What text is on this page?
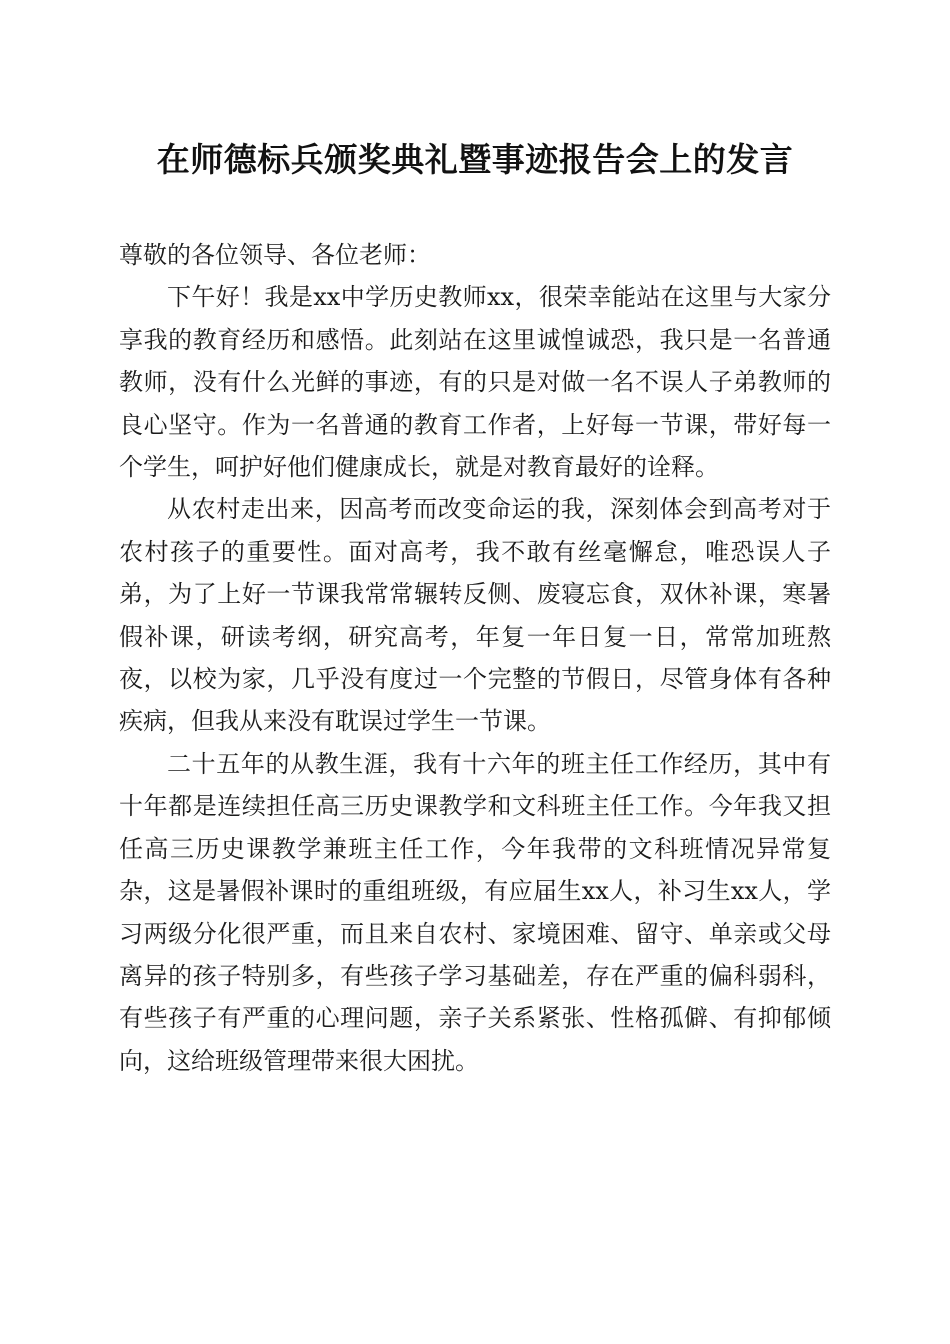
在师德标兵颁奖典礼暨事迹报告会上的发言

尊敬的各位领导、各位老师：

下午好！我是xx中学历史教师xx，很荣幸能站在这里与大家分享我的教育经历和感悟。此刻站在这里诚惶诚恐，我只是一名普通教师，没有什么光鲜的事迹，有的只是对做一名不误人子弟教师的良心坚守。作为一名普通的教育工作者，上好每一节课，带好每一个学生，呵护好他们健康成长，就是对教育最好的诠释。

从农村走出来，因高考而改变命运的我，深刻体会到高考对于农村孩子的重要性。面对高考，我不敢有丝毫懈怠，唯恐误人子弟，为了上好一节课我常常辗转反侧、废寝忘食，双休补课，寒暑假补课，研读考纲，研究高考，年复一年日复一日，常常加班熬夜，以校为家，几乎没有度过一个完整的节假日，尽管身体有各种疾病，但我从来没有耽误过学生一节课。

二十五年的从教生涯，我有十六年的班主任工作经历，其中有十年都是连续担任高三历史课教学和文科班主任工作。今年我又担任高三历史课教学兼班主任工作，今年我带的文科班情况异常复杂，这是暑假补课时的重组班级，有应届生xx人，补习生xx人，学习两级分化很严重，而且来自农村、家境困难、留守、单亲或父母离异的孩子特别多，有些孩子学习基础差，存在严重的偏科弱科，有些孩子有严重的心理问题，亲子关系紧张、性格孤僻、有抑郁倾向，这给班级管理带来很大困扰。
